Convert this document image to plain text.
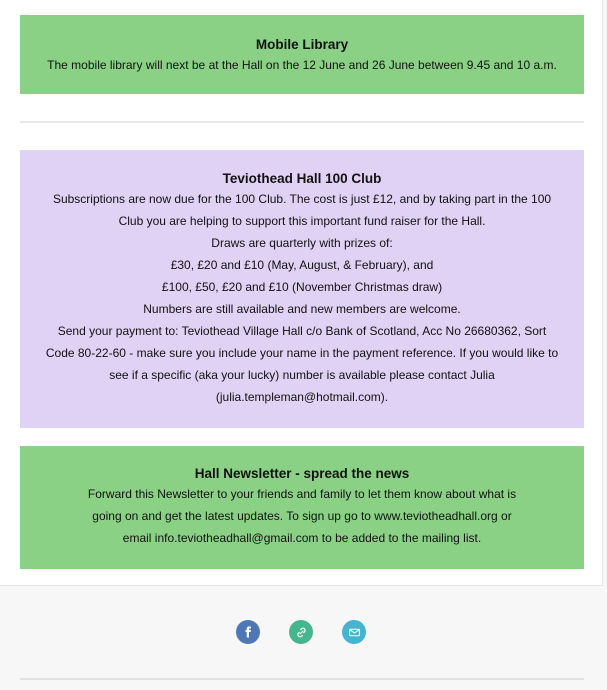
Mobile Library

The mobile library will next be at the Hall on the 12 June and 26 June between 9.45 and 10 a.m.

Teviothead Hall 100 Club

Subscriptions are now due for the 100 Club. The cost is just £12, and by taking part in the 100

Club you are helping to support this important fund raiser for the Hall.

Draws are quarterly with prizes of:

£30, £20 and £10 (May, August, & February), and

£100, £50, £20 and £10 (November Christmas draw)

Numbers are still available and new members are welcome.

Send your payment to: Teviothead Village Hall c/o Bank of Scotland, Acc No 26680362, Sort

Code 80-22-60 - make sure you include your name in the payment reference. If you would like to

see if a specific (aka your lucky) number is available please contact Julia

(julia.templeman@hotmail.com).

Hall Newsletter - spread the news

Forward this Newsletter to your friends and family to let them know about what is

going on and get the latest updates. To sign up go to www.teviotheadhall.org or

email info.teviotheadhall@gmail.com to be added to the mailing list.
